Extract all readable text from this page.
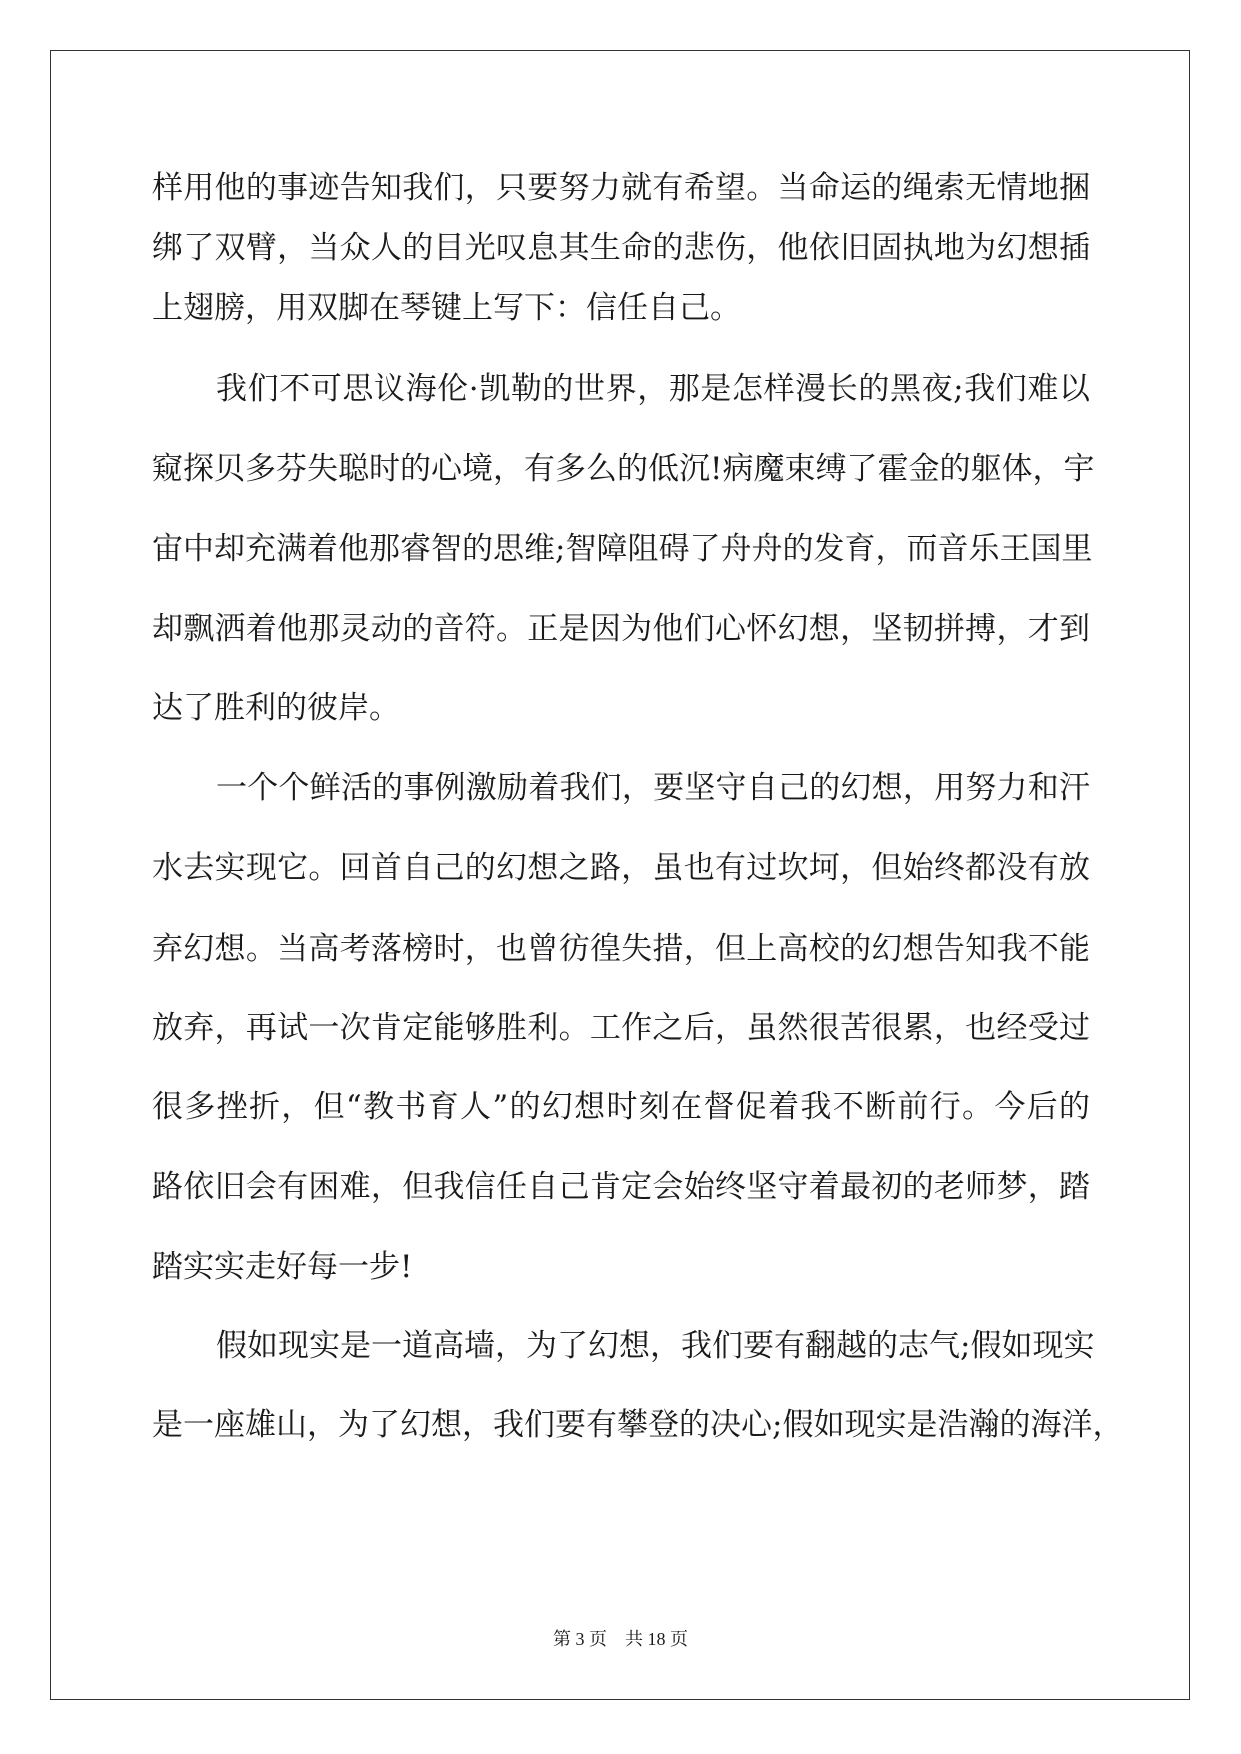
样用他的事迹告知我们，只要努力就有希望。当命运的绳索无情地捆
绑了双臂，当众人的目光叹息其生命的悲伤，他依旧固执地为幻想插
上翅膀，用双脚在琴键上写下：信任自己。
我们不可思议海伦·凯勒的世界，那是怎样漫长的黑夜;我们难以
窥探贝多芬失聪时的心境，有多么的低沉!病魔束缚了霍金的躯体，宇
宙中却充满着他那睿智的思维;智障阻碍了舟舟的发育，而音乐王国里
却飘洒着他那灵动的音符。正是因为他们心怀幻想，坚韧拼搏，才到
达了胜利的彼岸。
一个个鲜活的事例激励着我们，要坚守自己的幻想，用努力和汗
水去实现它。回首自己的幻想之路，虽也有过坎坷，但始终都没有放
弃幻想。当高考落榜时，也曾彷徨失措，但上高校的幻想告知我不能
放弃，再试一次肯定能够胜利。工作之后，虽然很苦很累，也经受过
很多挫折，但“教书育人”的幻想时刻在督促着我不断前行。今后的
路依旧会有困难，但我信任自己肯定会始终坚守着最初的老师梦，踏
踏实实走好每一步!
假如现实是一道高墙，为了幻想，我们要有翻越的志气;假如现实
是一座雄山，为了幻想，我们要有攀登的决心;假如现实是浩瀚的海洋，
第 3 页　共 18 页
